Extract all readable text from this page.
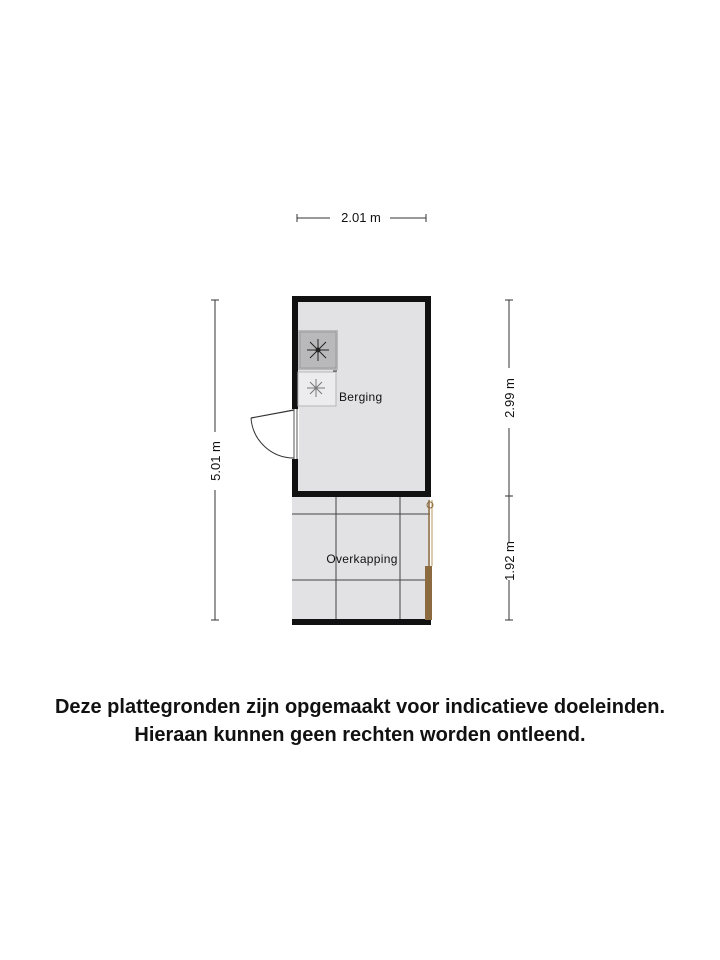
2.01 m
5.01 m
2.99 m
1.92 m
Berging
Overkapping
Deze plattegronden zijn opgemaakt voor indicatieve doeleinden.
Hieraan kunnen geen rechten worden ontleend.
